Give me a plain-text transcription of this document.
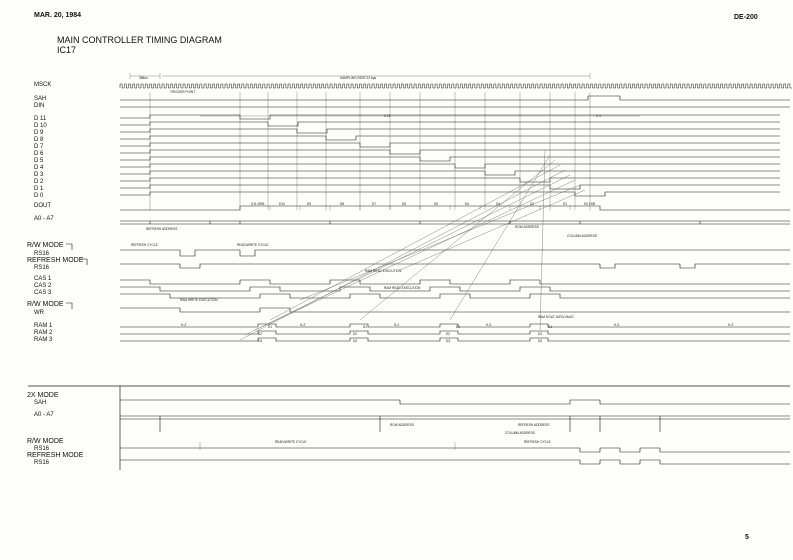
MAR. 20, 1984	DE-200
MAIN CONTROLLER TIMING DIAGRAM
IC17
5
MSCK
SAH
DIN
D 11
D 10
D 9
D 8
D 7
D 6
D 5
D 4
D 3
D 2
D 1
D 0
DOUT
A0 - A7
R/W MODE
RS16
REFRESH MODE
RS16
CAS 1
CAS 2
CAS 3
R/W MODE
WR
RAM 1
RAM 2
RAM 3
2X MODE
SAH
A0 - A7
R/W MODE
RS16
REFRESH MODE
RS16
368ns	SAMPLING RATE 22.6μs
TRIGGER POINT
X 12	X 4
D11 MSB	D10	D9	D8	D7	D6	D5	D4	D3	D2	D1	D0 LSB
REFRESH ADDRESS	ROW ADDRESS
COLUMN ADDRESS
REFRESH CYCLE	READ/WRITE CYCLE
RAM READ EXECUTION
RAM READ EXECUTION
RAM WRITE EXECUTION
RAM DOUT DATA VALID
H-Z	H-Z	H-Z	H-Z	H-Z	H-Z
D1
D2
D3
D1
D2
D3
D1
D2
D3
D1
D2
D3
ROW ADDRESS	REFRESH ADDRESS
COLUMN ADDRESS
READ/WRITE CYCLE	REFRESH CYCLE
